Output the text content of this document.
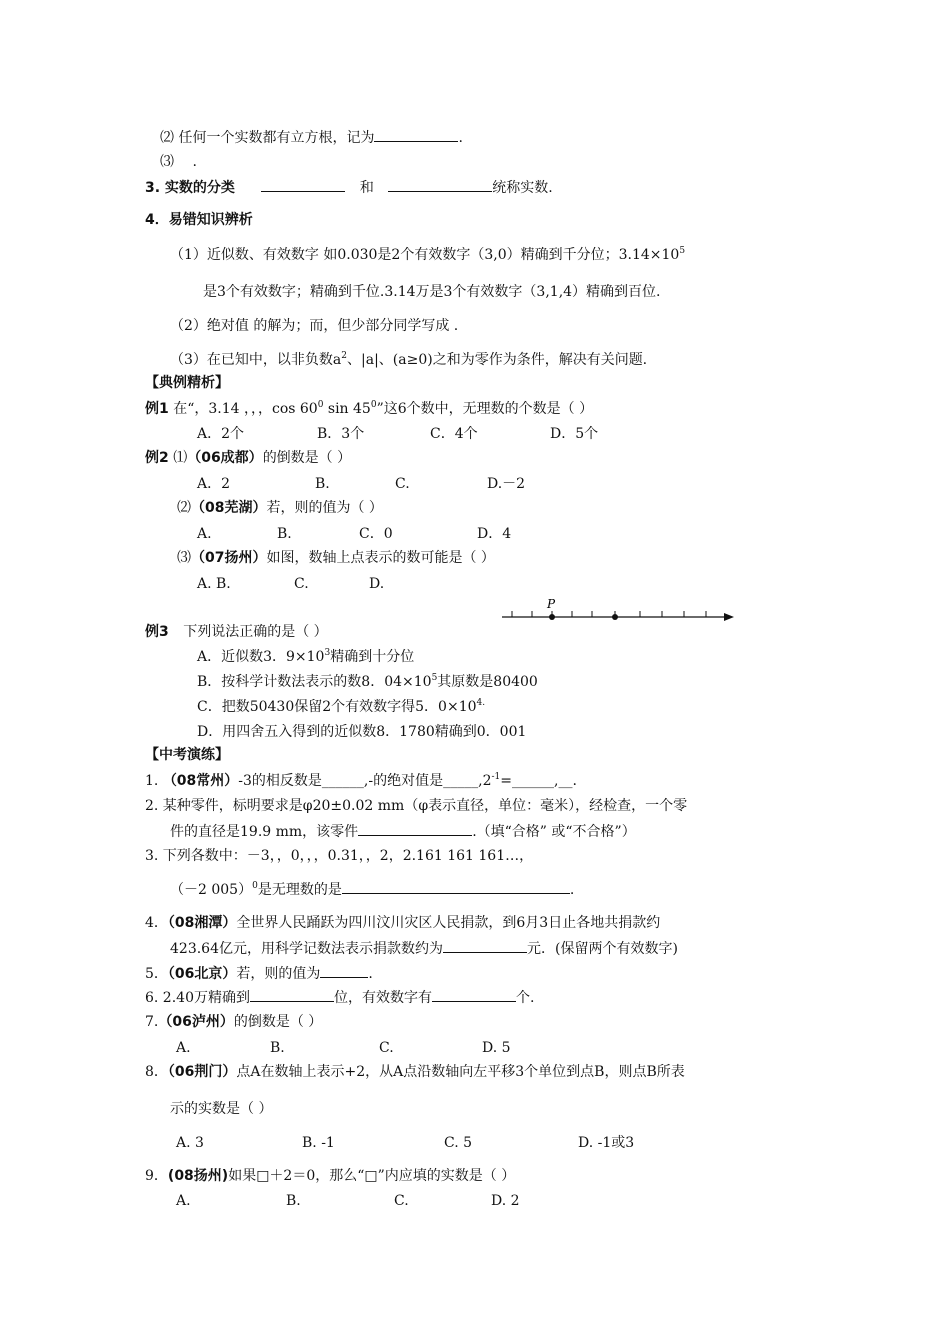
⑵ 任何一个实数都有立方根，记为	.
⑶ .
3. 实数的分类	和	统称实数.
4．易错知识辨析
（1）近似数、有效数字 如0.030是2个有效数字（3,0）精确到千分位；$3.14\times 10^5$
是3个有效数字；精确到千位.3.14万是3个有效数字（3,1,4）精确到百位.
（2）绝对值 的解为；而，但少部分同学写成 .
（3）在已知中，以非负数$a^2$、|a|、(a≥0)之和为零作为条件，解决有关问题.
【典例精析】
例1 在“，3.14 ，，，$\cos 60^0$ $\sin 45^0$”这6个数中，无理数的个数是（ ）
A．2个	B．3个	C．4个	D．5个
例2 ⑴（06成都）的倒数是（ ）
A．2	B.	C.	D.－2
⑵（08芜湖）若，则的值为（ ）
A.	B.	C．0	D．4
⑶（07扬州）如图，数轴上点表示的数可能是（ ）
A. B.	C.	D.
P
例3 下列说法正确的是（ ）
A．近似数3．$9\times 10^3$精确到十分位
B．按科学计数法表示的数8．$04\times 10^5$其原数是80400
C．把数50430保留2个有效数字得5．$0\times 10^{4.}$
D．用四舍五入得到的近似数8．1780精确到0．001
【中考演练】
1. （08常州）-3的相反数是______,-的绝对值是$\_\_\_\_\_,2^{-1}=\_\_\_\_\_\_,\_\_$.
2. 某种零件，标明要求是φ20±0.02 mm（φ表示直径，单位：毫米），经检查，一个零
件的直径是19.9 mm，该零件	.（填“合格” 或“不合格”）
3. 下列各数中：－3，，0，，，0.31，，2，2.161 161 161…，
（－2 005）$^0$是无理数的是	.
4．（08湘潭）全世界人民踊跃为四川汶川灾区人民捐款，到6月3日止各地共捐款约
423.64亿元，用科学记数法表示捐款数约为	元．(保留两个有效数字)
5．（06北京）若，则的值为	.
6. 2.40万精确到	位，有效数字有	个.
7.（06泸州）的倒数是（ ）
A.	B.	C.	D. 5
8．（06荆门）点A在数轴上表示+2，从A点沿数轴向左平移3个单位到点B，则点B所表
示的实数是（ ）
A. 3	B. -1	C. 5	D. -1或3
9．(08扬州)如果□＋2＝0，那么“□”内应填的实数是（ ）
A.	B.	C.	D. 2
